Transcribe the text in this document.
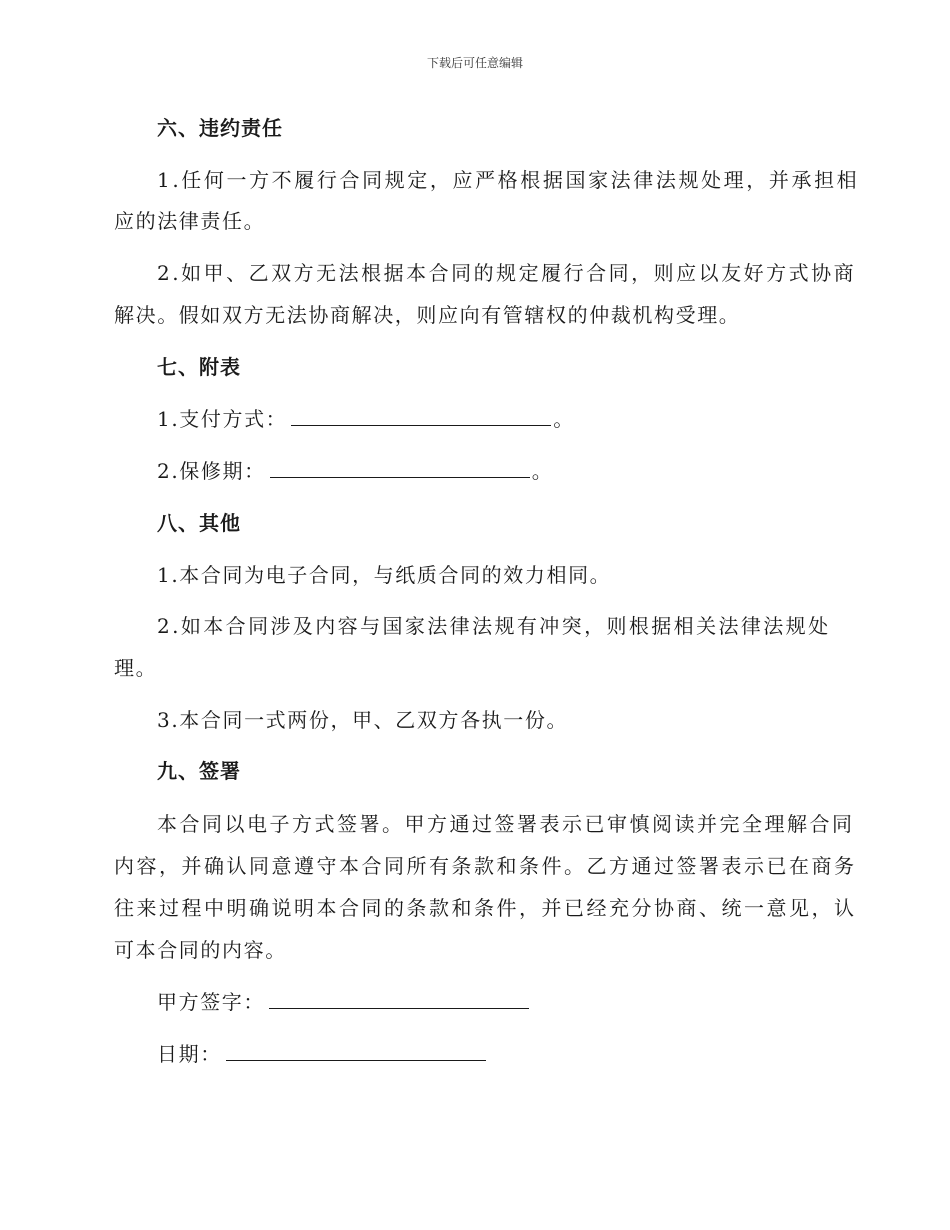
下载后可任意编辑
六、违约责任
1.任何一方不履行合同规定，应严格根据国家法律法规处理，并承担相
应的法律责任。
2.如甲、乙双方无法根据本合同的规定履行合同，则应以友好方式协商
解决。假如双方无法协商解决，则应向有管辖权的仲裁机构受理。
七、附表
1.支付方式：	。
2.保修期：	。
八、其他
1.本合同为电子合同，与纸质合同的效力相同。
2.如本合同涉及内容与国家法律法规有冲突，则根据相关法律法规处
理。
3.本合同一式两份，甲、乙双方各执一份。
九、签署
本合同以电子方式签署。甲方通过签署表示已审慎阅读并完全理解合同
内容，并确认同意遵守本合同所有条款和条件。乙方通过签署表示已在商务
往来过程中明确说明本合同的条款和条件，并已经充分协商、统一意见，认
可本合同的内容。
甲方签字：
日期：
